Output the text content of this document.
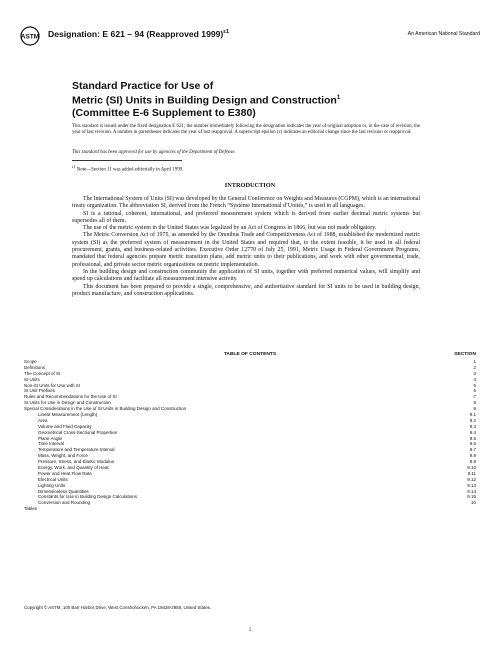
ASTM Designation: E 621 – 94 (Reapproved 1999)$^{\varepsilon 1}$	An American National Standard
Standard Practice for Use of
Metric (SI) Units in Building Design and Construction$^1$
(Committee E-6 Supplement to E380)
This standard is issued under the fixed designation E 621; the number immediately following the designation indicates the year of original adoption or, in the case of revision, the year of last revision. A number in parentheses indicates the year of last reapproval. A superscript epsilon (ε) indicates an editorial change since the last revision or reapproval.
This standard has been approved for use by agencies of the Department of Defense.
$^{\varepsilon 1}$ Note—Section 11 was added editorially in April 1999.
INTRODUCTION

The International System of Units (SI) was developed by the General Conference on Weights and Measures (CGPM), which is an international treaty organization. The abbreviation SI, derived from the French “Système International d’Unités,” is used in all languages.

SI is a rational, coherent, international, and preferred measurement system which is derived from earlier decimal metric systems but supersedes all of them.

The use of the metric system in the United States was legalized by an Act of Congress in 1866, but was not made obligatory.

The Metric Conversion Act of 1975, as amended by the Omnibus Trade and Competitiveness Act of 1988, established the modernized metric system (SI) as the preferred system of measurement in the United States and required that, to the extent feasible, it be used in all federal procurement, grants, and business-related activities. Executive Order 12770 of July 25, 1991, Metric Usage in Federal Government Programs, mandated that federal agencies prepare metric transition plans, add metric units to their publications, and work with other governmental, trade, professional, and private sector metric organizations on metric implementation.

In the building design and construction community the application of SI units, together with preferred numerical values, will simplify and speed up calculations and facilitate all measurement intensive activity.

This document has been prepared to provide a single, comprehensive, and authoritative standard for SI units to be used in building design, product manufacture, and construction applications.

TABLE OF CONTENTS	SECTION
Scope	1
Definitions	2
The Concept of SI	3
SI Units	4
Non-SI Units for Use with SI	5
SI Unit Prefixes	6
Rules and Recommendations for the Use of SI	7
SI Units for Use in Design and Construction	8
Special Considerations in the Use of SI Units in Building Design and Construction	9
Linear Measurement (Length)	9.1
Area	9.2
Volume and Fluid Capacity	9.3
Geometrical Cross-Sectional Properties	9.4
Plane Angle	9.5
Time Interval	9.6
Temperature and Temperature Interval	9.7
Mass, Weight, and Force	9.8
Pressure, Stress, and Elastic Modulus	9.9
Energy, Work, and Quantity of Heat	9.10
Power and Heat Flow Rate	9.11
Electrical Units	9.12
Lighting Units	9.13
Dimensionless Quantities	9.14
Constants for Use in Building Design Calculations	9.15
Conversion and Rounding	10
Tables
Copyright © ASTM, 100 Barr Harbor Drive, West Conshohocken, PA 19428-2959, United States.
1
